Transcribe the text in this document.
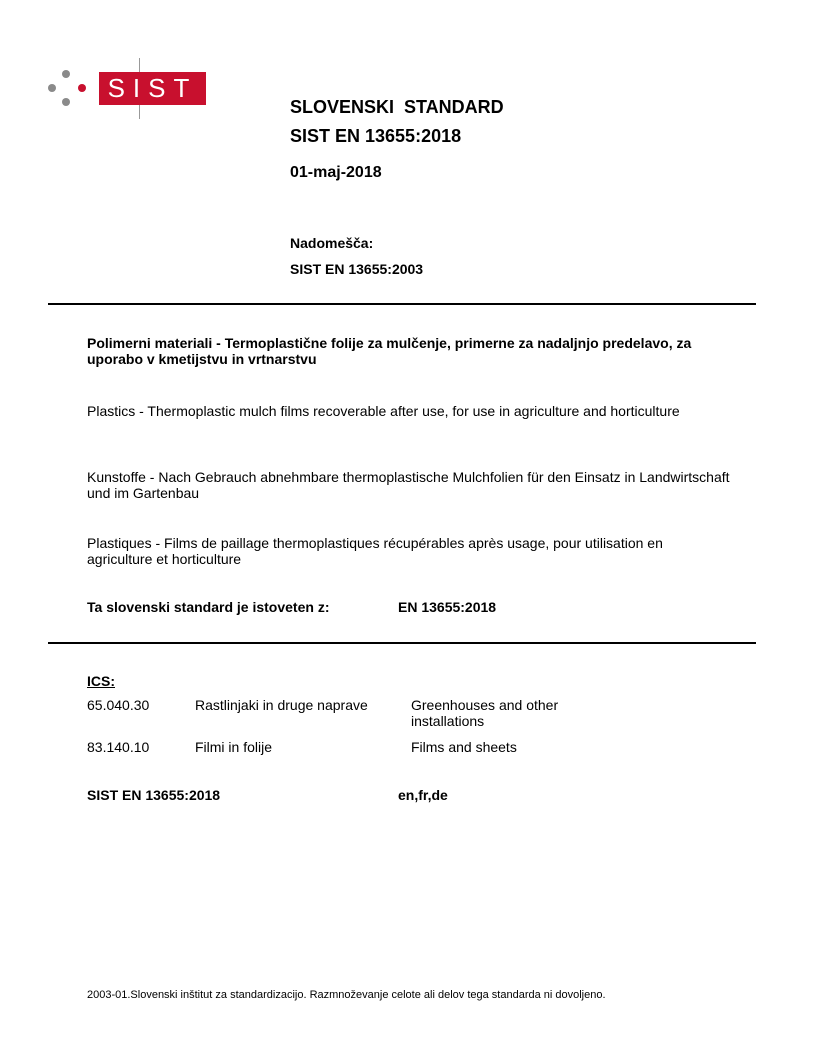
SIST
SLOVENSKI  STANDARD
SIST EN 13655:2018
01-maj-2018
Nadomešča:
SIST EN 13655:2003
Polimerni materiali - Termoplastične folije za mulčenje, primerne za nadaljnjo predelavo, za uporabo v kmetijstvu in vrtnarstvu
Plastics - Thermoplastic mulch films recoverable after use, for use in agriculture and horticulture
Kunstoffe - Nach Gebrauch abnehmbare thermoplastische Mulchfolien für den Einsatz in Landwirtschaft und im Gartenbau
Plastiques - Films de paillage thermoplastiques récupérables après usage, pour utilisation en agriculture et horticulture
Ta slovenski standard je istoveten z:	EN 13655:2018
ICS:
65.040.30	Rastlinjaki in druge naprave	Greenhouses and other installations
83.140.10	Filmi in folije	Films and sheets
SIST EN 13655:2018	en,fr,de
2003-01.Slovenski inštitut za standardizacijo. Razmnoževanje celote ali delov tega standarda ni dovoljeno.
